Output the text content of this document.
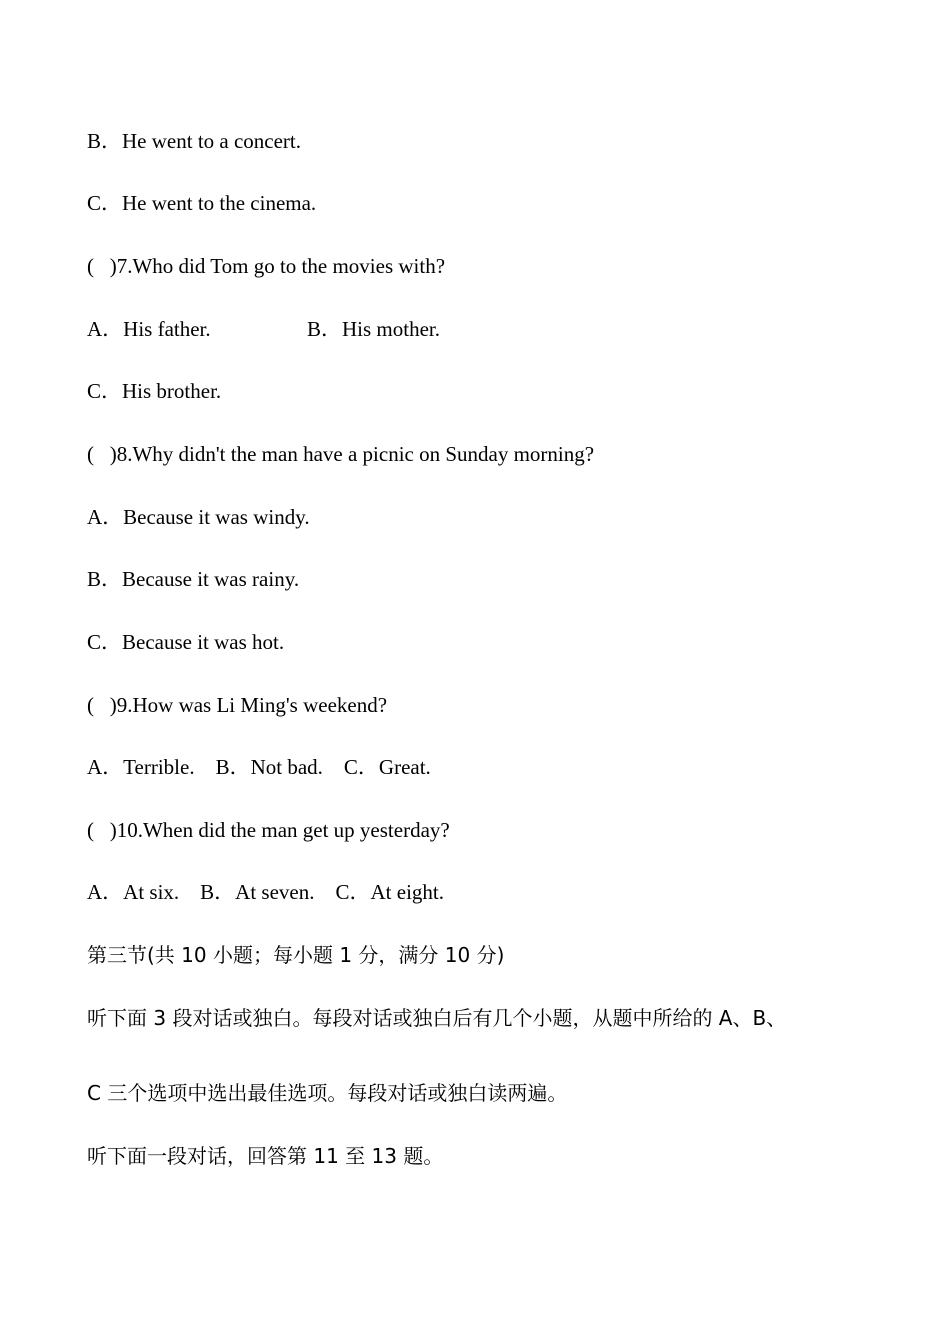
B．He went to a concert.
C．He went to the cinema.
(   )7.Who did Tom go to the movies with?
A．His father.	B．His mother.
C．His brother.
(   )8.Why didn't the man have a picnic on Sunday morning?
A．Because it was windy.
B．Because it was rainy.
C．Because it was hot.
(   )9.How was Li Ming's weekend?
A．Terrible.    B．Not bad.    C．Great.
(   )10.When did the man get up yesterday?
A．At six.    B．At seven.    C．At eight.
第三节(共 10 小题；每小题 1 分，满分 10 分)
听下面 3 段对话或独白。每段对话或独白后有几个小题，从题中所给的 A、B、
C 三个选项中选出最佳选项。每段对话或独白读两遍。
听下面一段对话，回答第 11 至 13 题。
